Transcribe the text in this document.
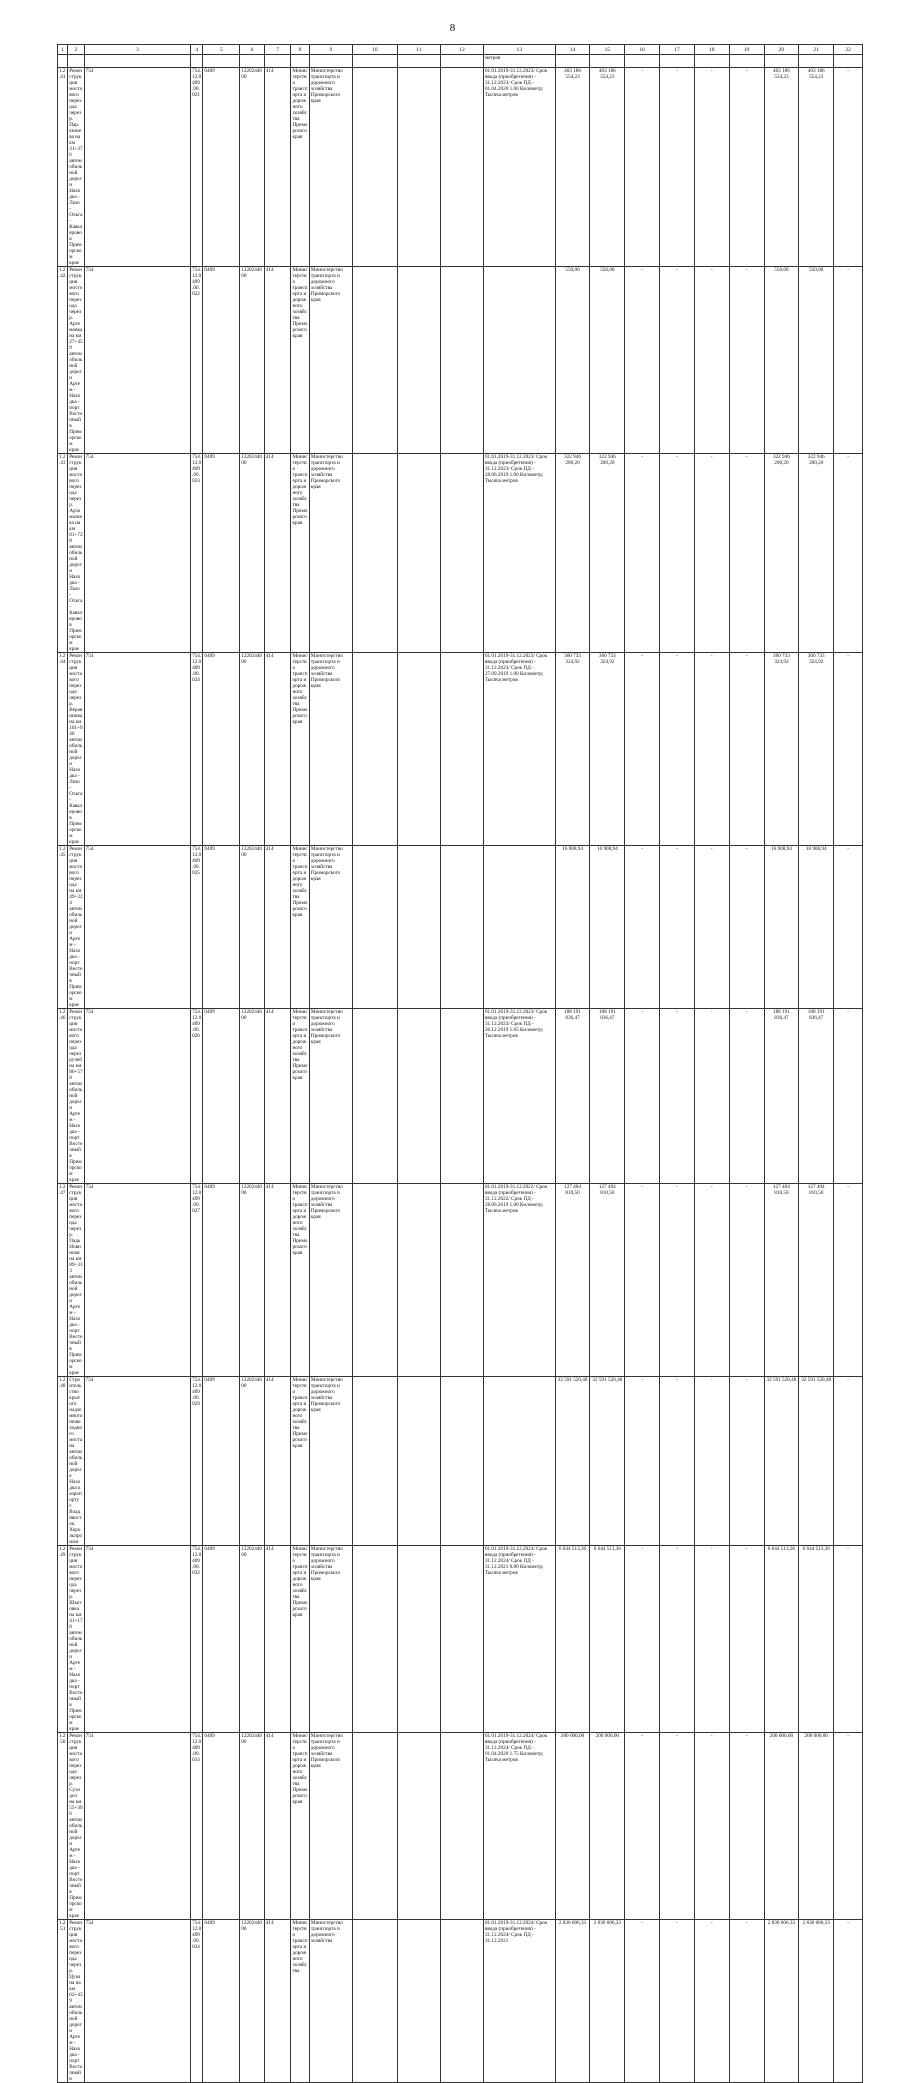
8
1	2	3	4	5	6	7	8	9	10	11	12	13	14	15	16	17	18	19	20	21	22
												метров									
1.2.41	Реконструкция мостового перехода через р. Пар. князева на км 31+376 автомобильной дороги Находка - Лазо - Ольга - Кавалерово в Приморском крае	754	754.12.0409 .00.021	0409	1220244000	414	Министерство транспорта и дорожного хозяйства Приморского края	Министерство транспорта и дорожного хозяйства Приморского края				01.01.2019-31.12.2023/ Срок ввода (приобретения) - 31.12.2023/ Срок ПД - 01.04.2020 1.00 Километр; Тысяча метров	403 186 554,23	403 186 554,23	-	-	-	-	403 186 554,23	403 186 554,23	-
1.2.42	Реконструкция мостового перехода через р. Артемовка на км 27+459 автомобильной дороги Артем - Находка - порт Восточный в Приморском крае	754	754.12.0409 .00.022	0409	1220244000	414	Министерство транспорта и дорожного хозяйства Приморского края	Министерство транспорта и дорожного хозяйства Приморского края					550,00	550,00	-	-	-	-	550,00	550,00	-
1.2.43	Реконструкция мостового перехода через р. Арзамазовка на км 81+728 автомобильной дороги Находка - Лазо - Ольга - Кавалерово в Приморском крае	754	754.12.0409 .00.023	0409	1220244000	414	Министерство транспорта и дорожного хозяйства Приморского края	Министерство транспорта и дорожного хозяйства Приморского края				01.01.2019-31.12.2023/ Срок ввода (приобретения) - 31.12.2023/ Срок ПД - 28.06.2019 1.00 Километр; Тысяча метров	322 946 200,20	322 946 200,20	-	-	-	-	322 946 200,20	322 946 200,20	-
1.2.44	Реконструкция мостового перехода через р. Веравиника на км 101+040 автомобильной дороги Находка - Лазо - Ольга - Кавалерово в Приморском крае	754	754.12.0409 .00.024	0409	1220244000	414	Министерство транспорта и дорожного хозяйства Приморского края	Министерство транспорта и дорожного хозяйства Приморского края				01.01.2019-31.12.2023/ Срок ввода (приобретения) - 31.12.2023/ Срок ПД - 27.09.2019 1.00 Километр; Тысяча метров	360 733 324,92	360 733 324,92	-	-	-	-	360 733 324,92	360 733 324,92	-
1.2.45	Реконструкция мостового перехода на км 49+224 автомобильной дороги Артем - Находка - порт Восточный в Приморском крае	754	754.12.0409 .00.025	0409	1220244000	414	Министерство транспорта и дорожного хозяйства Приморского края	Министерство транспорта и дорожного хозяйства Приморского края					16 908,94	16 908,94	-	-	-	-	16 908,94	16 908,94	-
1.2.46	Реконструкция мостового перехода через ручей на км 86+578 автомобильной дороги Артем - Находка - порт Восточный в Приморском крае	754	754.12.0409 .00.026	0409	1220244000	414	Министерство транспорта и дорожного хозяйства Приморского края	Министерство транспорта и дорожного хозяйства Приморского края				01.01.2019-31.12.2023/ Срок ввода (приобретения) - 31.12.2023/ Срок ПД - 26.12.2019 1.05 Километр; Тысяча метров	188 191 836,47	188 191 836,47	-	-	-	-	188 191 836,47	188 191 836,47	-
1.2.47	Реконструкция мостового перехода через р. Падь Новинная на км 89+333 автомобильной дороги Артем - Находка - порт Восточный в Приморском крае	754	754.12.0409 .00.027	0409	1220244000	414	Министерство транспорта и дорожного хозяйства Приморского края	Министерство транспорта и дорожного хозяйства Приморского края				01.01.2019-31.12.2022/ Срок ввода (приобретения) - 31.12.2022/ Срок ПД - 28.06.2019 1.00 Километр; Тысяча метров	127 404 810,50	127 404 810,50	-	-	-	-	127 404 810,50	127 404 810,50	-
1.2.48	Строительство крытого надземного пешеходного моста на автомобильной дороге Находка к аэропорту г. Владивосток, Хорольпромом	754	754.12.0409 .00.029	0409	1220244000	414	Министерство транспорта и дорожного хозяйства Приморского края	Министерство транспорта и дорожного хозяйства Приморского края					32 591 520,48	32 591 520,48	-	-	-	-	32 591 520,48	32 591 520,48	-
1.2.49	Реконструкция мостового перехода через р. Шкотовка на км 41+170 автомобильной дороги Артем - Находка - порт Восточный в Приморском крае	754	754.12.0409 .00.032	0409	1220244000	414	Министерство транспорта и дорожного хозяйства Приморского края	Министерство транспорта и дорожного хозяйства Приморского края				01.01.2019-31.12.2024/ Срок ввода (приобретения) - 31.12.2024/ Срок ПД - 31.12.2021 0.80 Километр; Тысяча метров	6 644 513,36	6 644 513,36	-	-	-	-	6 644 513,36	6 644 513,36	-
1.2.50	Реконструкция мостового перехода через р. Суходол на км 55+306 автомобильной дороги Артем - Находка - порт Восточный в Приморском крае	754	754.12.0409 .00.033	0409	1220244000	414	Министерство транспорта и дорожного хозяйства Приморского края	Министерство транспорта и дорожного хозяйства Приморского края				01.01.2019-31.12.2024/ Срок ввода (приобретения) - 31.12.2024/ Срок ПД - 01.04.2020 1.75 Километр; Тысяча метров	200 000,00	200 000,00	-	-	-	-	200 000,00	200 000,00	-
1.2.51	Реконструкция мостового перехода через р. Цукана на км 62+439 автомобильной дороги Артем - Находка - порт Восточный в	754	754.12.0409 .00.034	0409	1220244000	414	Министерство транспорта и дорожного хозяйства	Министерство транспорта и дорожного хозяйства				01.01.2019-31.12.2024/ Срок ввода (приобретения) - 31.12.2024/ Срок ПД - 31.12.2021	2 836 606,33	2 836 606,33	-	-	-	-	2 836 606,33	2 836 606,33	-
